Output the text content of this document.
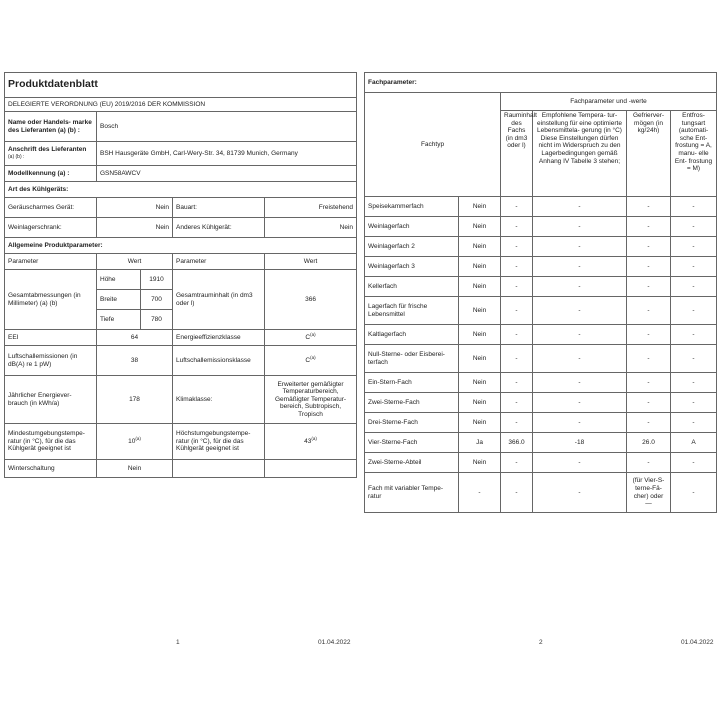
Produktdatenblatt				
DELEGIERTE VERORDNUNG (EU) 2019/2016 DER KOMMISSION				
Name oder Handels- marke des Lieferanten (a) (b) :	Bosch			

Anschrift des Lieferanten
(a) (b) :	BSH Hausgeräte GmbH, Carl-Wery-Str. 34, 81739 Munich, Germany			
Modellkennung (a) :	GSN58AWCV			
Art des Kühlgeräts:				
Geräuscharmes Gerät:	Nein		Bauart:	Freistehend
Weinlagerschrank:	Nein		Anderes Kühlgerät:	Nein
Allgemeine Produktparameter:				
Parameter	Wert		Parameter	Wert
Gesamtabmessungen (in Millimeter) (a) (b)	Höhe	1910	Gesamtrauminhalt (in dm3 oder l)	366
	Breite	700		
	Tiefe	780		
EEI	64		Energieeffizienzklasse	$C^{(a)}$
Luftschallemissionen (in dB(A) re 1 pW)	38		Luftschallemissionsklasse	$C^{(a)}$
Jährlicher Energiever- brauch (in kWh/a)	178		Klimaklasse:	Erweiterter gemäßigter Temperaturbereich, Gemäßigter Temperatur- bereich, Subtropisch, Tropisch
Mindestumgebungstempe- ratur (in °C), für die das Kühlgerät geeignet ist	10$^{(a)}$		Höchstumgebungstempe- ratur (in °C), für die das Kühlgerät geeignet ist	43$^{(a)}$
Winterschaltung	Nein			
Fachparameter:					
Fachtyp		Fachparameter und -werte			
		Rauminhalt des Fachs (in dm3 oder l)	Empfohlene Tempera- tur-einstellung für eine optimierte Lebensmittela- gerung (in °C) Diese Einstellungen dürfen nicht im Widerspruch zu den Lagerbedingungen gemäß Anhang IV Tabelle 3 stehen;	Gefrierver- mögen (in kg/24h)	Entfros- tungsart (automati- sche Ent- frostung = A, manu- elle Ent- frostung = M)
Speisekammerfach	Nein	-	-	-	-
Weinlagerfach	Nein	-	-	-	-
Weinlagerfach 2	Nein	-	-	-	-
Weinlagerfach 3	Nein	-	-	-	-
Kellerfach	Nein	-	-	-	-
Lagerfach für frische Lebensmittel	Nein	-	-	-	-
Kaltlagerfach	Nein	-	-	-	-
Null-Sterne- oder Eisberei- terfach	Nein	-	-	-	-
Ein-Stern-Fach	Nein	-	-	-	-
Zwei-Sterne-Fach	Nein	-	-	-	-
Drei-Sterne-Fach	Nein	-	-	-	-
Vier-Sterne-Fach	Ja	366.0	-18	26.0	A
Zwei-Sterne-Abteil	Nein	-	-	-	-
Fach mit variabler Tempe- ratur	-	-	-	(für Vier-S- terne-Fä- cher) oder —	-
1	01.04.2022	2	01.04.2022
